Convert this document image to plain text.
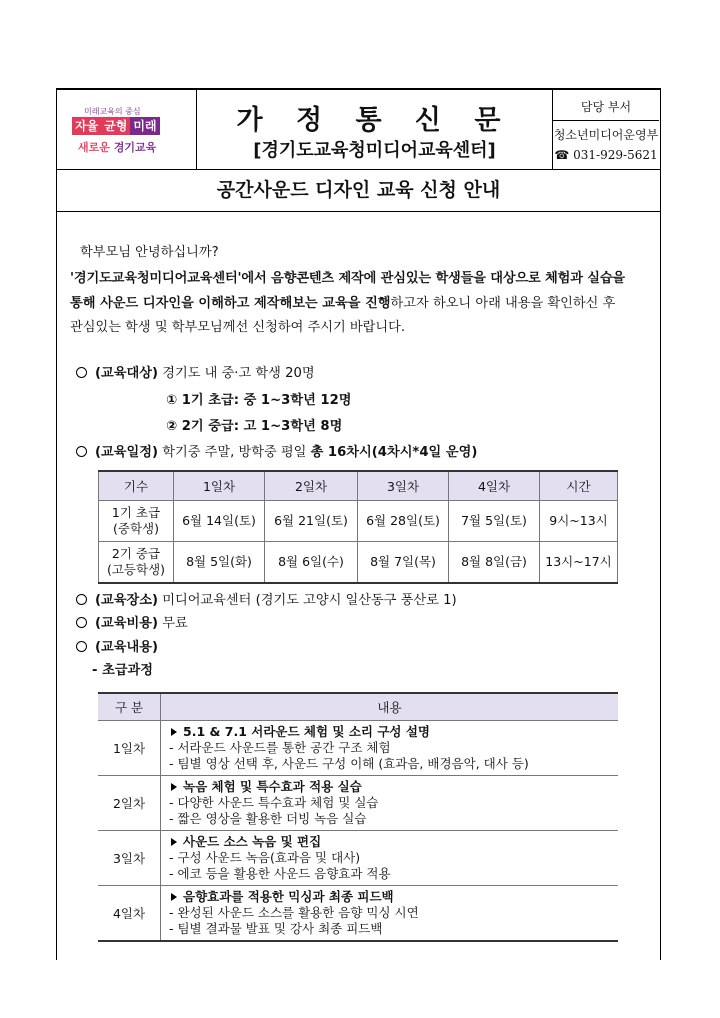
미래교육의 중심
자율 균형 미래
새로운 경기교육
가 정 통 신 문
[경기도교육청미디어교육센터]
담당 부서
청소년미디어운영부
☎ 031-929-5621
공간사운드 디자인 교육 신청 안내
학부모님 안녕하십니까?
'경기도교육청미디어교육센터'에서 음향콘텐츠 제작에 관심있는 학생들을 대상으로 체험과 실습을
통해 사운드 디자인을 이해하고 제작해보는 교육을 진행하고자 하오니 아래 내용을 확인하신 후
관심있는 학생 및 학부모님께선 신청하여 주시기 바랍니다.
(교육대상) 경기도 내 중·고 학생 20명
① 1기 초급: 중 1~3학년 12명
② 2기 중급: 고 1~3학년 8명
(교육일정) 학기중 주말, 방학중 평일 총 16차시(4차시*4일 운영)
기수	1일차	2일차	3일차	4일차	시간
1기 초급
(중학생)	6월 14일(토)	6월 21일(토)	6월 28일(토)	7월 5일(토)	9시~13시
2기 중급
(고등학생)	8월 5일(화)	8월 6일(수)	8월 7일(목)	8월 8일(금)	13시~17시
(교육장소) 미디어교육센터 (경기도 고양시 일산동구 풍산로 1)
(교육비용) 무료
(교육내용)
- 초급과정
구 분	내용
1일차	5.1 & 7.1 서라운드 체험 및 소리 구성 설명
- 서라운드 사운드를 통한 공간 구조 체험
- 팀별 영상 선택 후, 사운드 구성 이해 (효과음, 배경음악, 대사 등)

2일차	녹음 체험 및 특수효과 적용 실습
- 다양한 사운드 특수효과 체험 및 실습
- 짧은 영상을 활용한 더빙 녹음 실습

3일차	사운드 소스 녹음 및 편집
- 구성 사운드 녹음(효과음 및 대사)
- 에코 등을 활용한 사운드 음향효과 적용

4일차	음향효과를 적용한 믹싱과 최종 피드백
- 완성된 사운드 소스를 활용한 음향 믹싱 시연
- 팀별 결과물 발표 및 강사 최종 피드백
